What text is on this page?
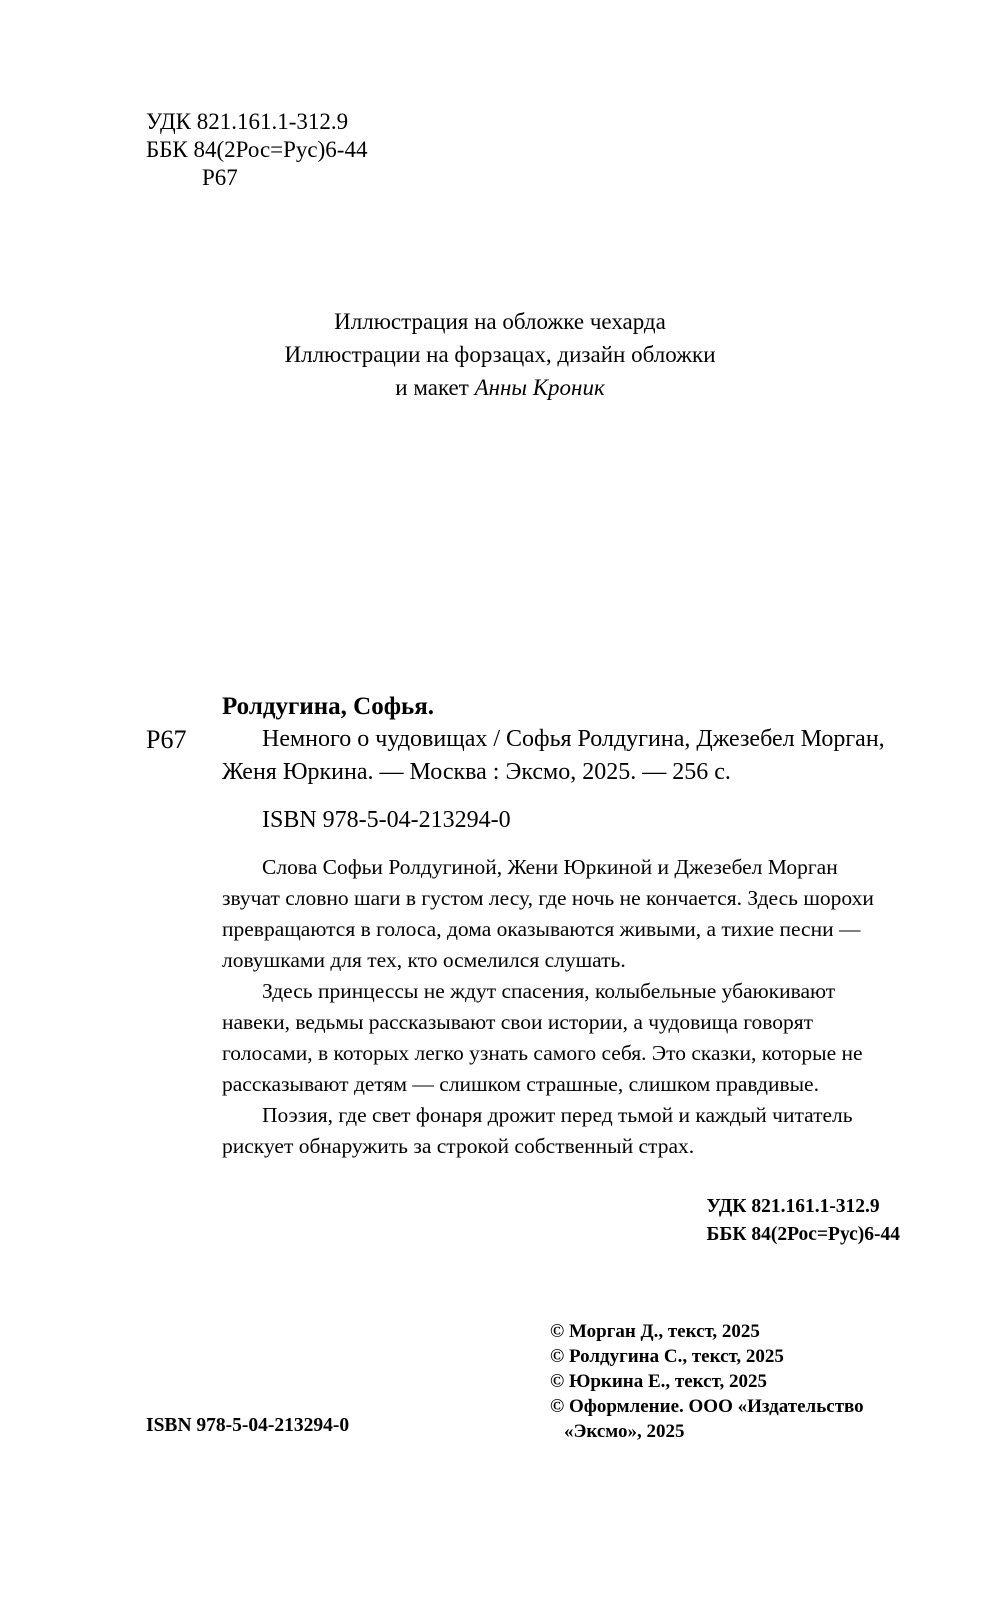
УДК 821.161.1-312.9
ББК 84(2Рос=Рус)6-44
Р67
Иллюстрация на обложке чехарда
Иллюстрации на форзацах, дизайн обложки
и макет Анны Кроник
Р67
Ролдугина, Софья.
Немного о чудовищах / Софья Ролдугина, Джезебел Морган, Женя Юркина. — Москва : Эксмо, 2025. — 256 с.
ISBN 978-5-04-213294-0
Слова Софьи Ролдугиной, Жени Юркиной и Джезебел Морган звучат словно шаги в густом лесу, где ночь не кончается. Здесь шорохи превращаются в голоса, дома оказываются живыми, а тихие песни — ловушками для тех, кто осмелился слушать.
Здесь принцессы не ждут спасения, колыбельные убаюкивают навеки, ведьмы рассказывают свои истории, а чудовища говорят голосами, в которых легко узнать самого себя. Это сказки, которые не рассказывают детям — слишком страшные, слишком правдивые.
Поэзия, где свет фонаря дрожит перед тьмой и каждый читатель рискует обнаружить за строкой собственный страх.
УДК 821.161.1-312.9
ББК 84(2Рос=Рус)6-44
ISBN 978-5-04-213294-0
© Морган Д., текст, 2025
© Ролдугина С., текст, 2025
© Юркина Е., текст, 2025
© Оформление. ООО «Издательство
«Эксмо», 2025
